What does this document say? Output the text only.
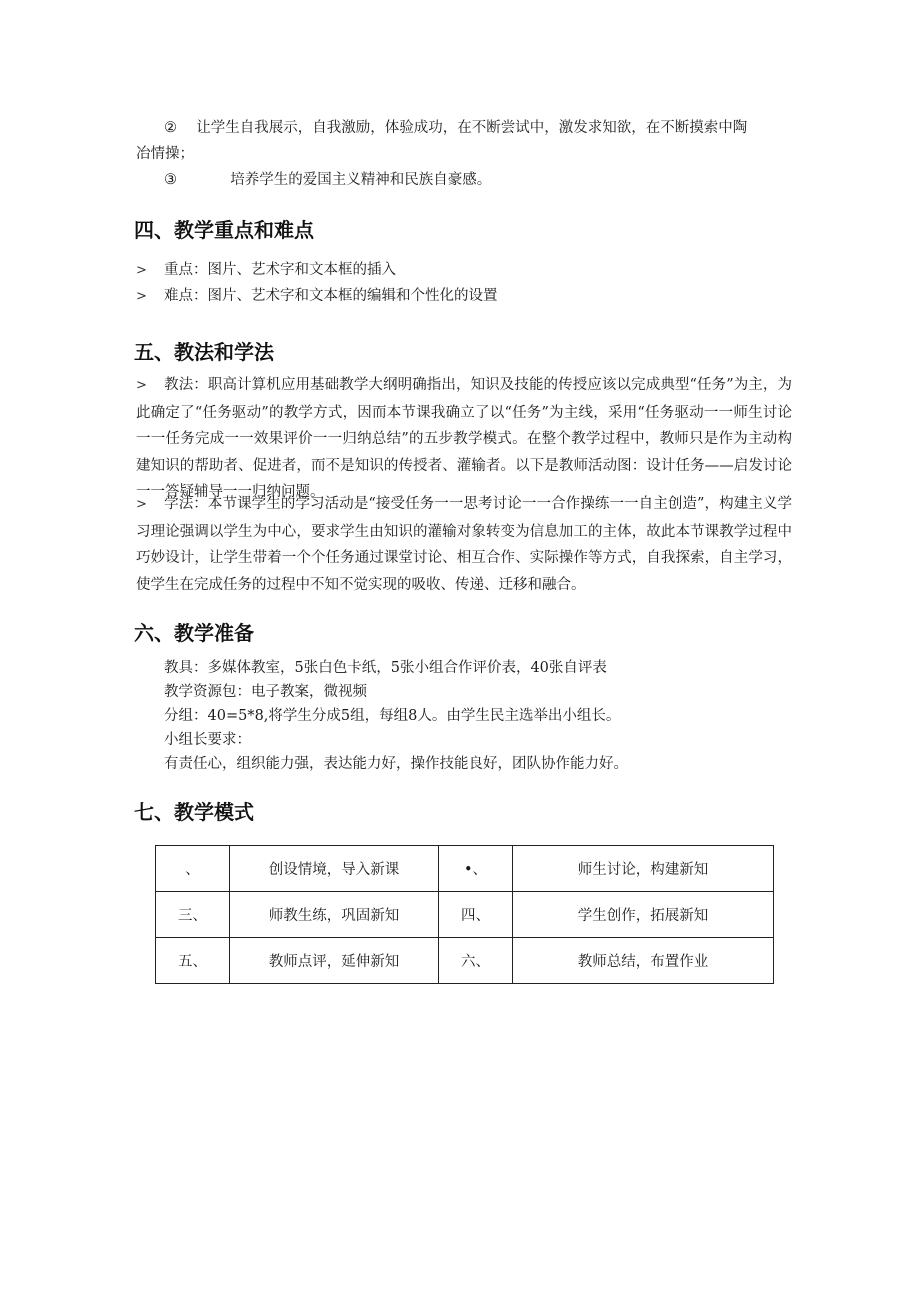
② 让学生自我展示，自我激励，体验成功，在不断尝试中，激发求知欲，在不断摸索中陶
冶情操；
③	培养学生的爱国主义精神和民族自豪感。
四、教学重点和难点
> 重点：图片、艺术字和文本框的插入
> 难点：图片、艺术字和文本框的编辑和个性化的设置
五、教法和学法
> 教法：职高计算机应用基础教学大纲明确指出，知识及技能的传授应该以完成典型“任务”为主，为此确定了“任务驱动”的教学方式，因而本节课我确立了以“任务”为主线，采用“任务驱动一一师生讨论一一任务完成一一效果评价一一归纳总结”的五步教学模式。在整个教学过程中，教师只是作为主动构建知识的帮助者、促进者，而不是知识的传授者、灌输者。以下是教师活动图：设计任务——启发讨论一一答疑辅导一一归纳问题。
> 学法：本节课学生的学习活动是“接受任务一一思考讨论一一合作操练一一自主创造”，构建主义学习理论强调以学生为中心，要求学生由知识的灌输对象转变为信息加工的主体，故此本节课教学过程中巧妙设计，让学生带着一个个任务通过课堂讨论、相互合作、实际操作等方式，自我探索，自主学习，使学生在完成任务的过程中不知不觉实现的吸收、传递、迁移和融合。
六、教学准备
教具：多媒体教室，5张白色卡纸，5张小组合作评价表，40张自评表
教学资源包：电子教案，微视频
分组：40=5*8,将学生分成5组，每组8人。由学生民主选举出小组长。
小组长要求：
有责任心，组织能力强，表达能力好，操作技能良好，团队协作能力好。
七、教学模式
、	创设情境，导入新课	•、	师生讨论，构建新知
三、	师教生练，巩固新知	四、	学生创作，拓展新知
五、	教师点评，延伸新知	六、	教师总结，布置作业
